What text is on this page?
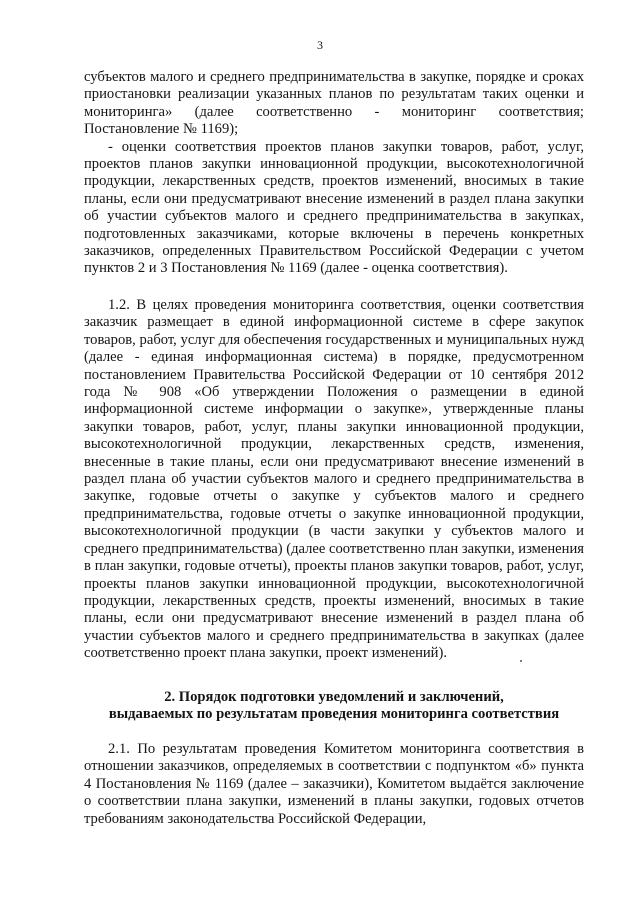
3

субъектов малого и среднего предпринимательства в закупке, порядке и сроках приостановки реализации указанных планов по результатам таких оценки и мониторинга» (далее соответственно - мониторинг соответствия; Постановление № 1169);

- оценки соответствия проектов планов закупки товаров, работ, услуг, проектов планов закупки инновационной продукции, высокотехнологичной продукции, лекарственных средств, проектов изменений, вносимых в такие планы, если они предусматривают внесение изменений в раздел плана закупки об участии субъектов малого и среднего предпринимательства в закупках, подготовленных заказчиками, которые включены в перечень конкретных заказчиков, определенных Правительством Российской Федерации с учетом пунктов 2 и 3 Постановления № 1169 (далее - оценка соответствия).

1.2. В целях проведения мониторинга соответствия, оценки соответствия заказчик размещает в единой информационной системе в сфере закупок товаров, работ, услуг для обеспечения государственных и муниципальных нужд (далее - единая информационная система) в порядке, предусмотренном постановлением Правительства Российской Федерации от 10 сентября 2012 года № 908 «Об утверждении Положения о размещении в единой информационной системе информации о закупке», утвержденные планы закупки товаров, работ, услуг, планы закупки инновационной продукции, высокотехнологичной продукции, лекарственных средств, изменения, внесенные в такие планы, если они предусматривают внесение изменений в раздел плана об участии субъектов малого и среднего предпринимательства в закупке, годовые отчеты о закупке у субъектов малого и среднего предпринимательства, годовые отчеты о закупке инновационной продукции, высокотехнологичной продукции (в части закупки у субъектов малого и среднего предпринимательства) (далее соответственно план закупки, изменения в план закупки, годовые отчеты), проекты планов закупки товаров, работ, услуг, проекты планов закупки инновационной продукции, высокотехнологичной продукции, лекарственных средств, проекты изменений, вносимых в такие планы, если они предусматривают внесение изменений в раздел плана об участии субъектов малого и среднего предпринимательства в закупках (далее соответственно проект плана закупки, проект изменений).

2. Порядок подготовки уведомлений и заключений,
выдаваемых по результатам проведения мониторинга соответствия

2.1. По результатам проведения Комитетом мониторинга соответствия в отношении заказчиков, определяемых в соответствии с подпунктом «б» пункта 4 Постановления № 1169 (далее – заказчики), Комитетом выдаётся заключение о соответствии плана закупки, изменений в планы закупки, годовых отчетов требованиям законодательства Российской Федерации,
